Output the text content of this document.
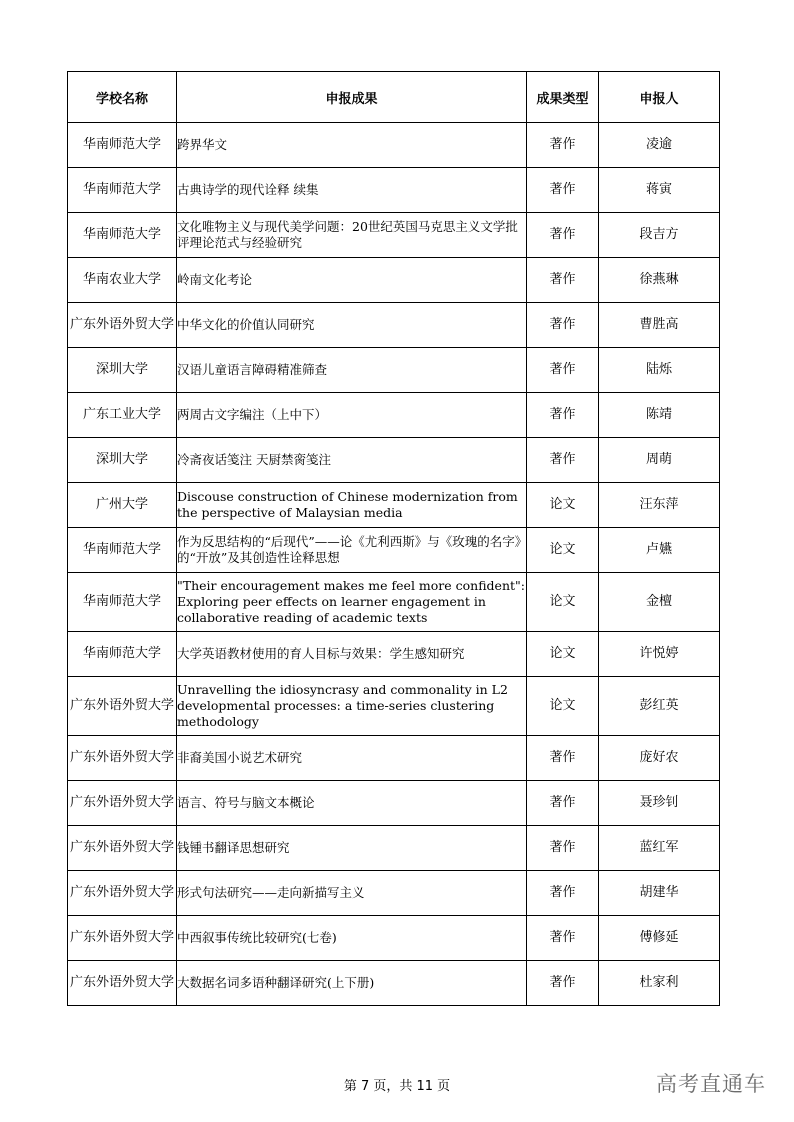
学校名称	申报成果	成果类型	申报人
华南师范大学	跨界华文	著作	凌逾
华南师范大学	古典诗学的现代诠释 续集	著作	蒋寅
华南师范大学	文化唯物主义与现代美学问题：20世纪英国马克思主义文学批评理论范式与经验研究	著作	段吉方
华南农业大学	岭南文化考论	著作	徐燕琳
广东外语外贸大学	中华文化的价值认同研究	著作	曹胜高
深圳大学	汉语儿童语言障碍精准筛查	著作	陆烁
广东工业大学	两周古文字编注（上中下）	著作	陈靖
深圳大学	冷斋夜话笺注 天厨禁脔笺注	著作	周萌
广州大学	Discouse construction of Chinese modernization from the perspective of Malaysian media	论文	汪东萍
华南师范大学	作为反思结构的“后现代”——论《尤利西斯》与《玫瑰的名字》的“开放”及其创造性诠释思想	论文	卢嬿
华南师范大学	"Their encouragement makes me feel more confident": Exploring peer effects on learner engagement in collaborative reading of academic texts	论文	金檀
华南师范大学	大学英语教材使用的育人目标与效果：学生感知研究	论文	许悦婷
广东外语外贸大学	Unravelling the idiosyncrasy and commonality in L2 developmental processes: a time-series clustering methodology	论文	彭红英
广东外语外贸大学	非裔美国小说艺术研究	著作	庞好农
广东外语外贸大学	语言、符号与脑文本概论	著作	聂珍钊
广东外语外贸大学	钱锺书翻译思想研究	著作	蓝红军
广东外语外贸大学	形式句法研究——走向新描写主义	著作	胡建华
广东外语外贸大学	中西叙事传统比较研究(七卷)	著作	傅修延
广东外语外贸大学	大数据名词多语种翻译研究(上下册)	著作	杜家利
第 7 页，共 11 页	高考直通车
